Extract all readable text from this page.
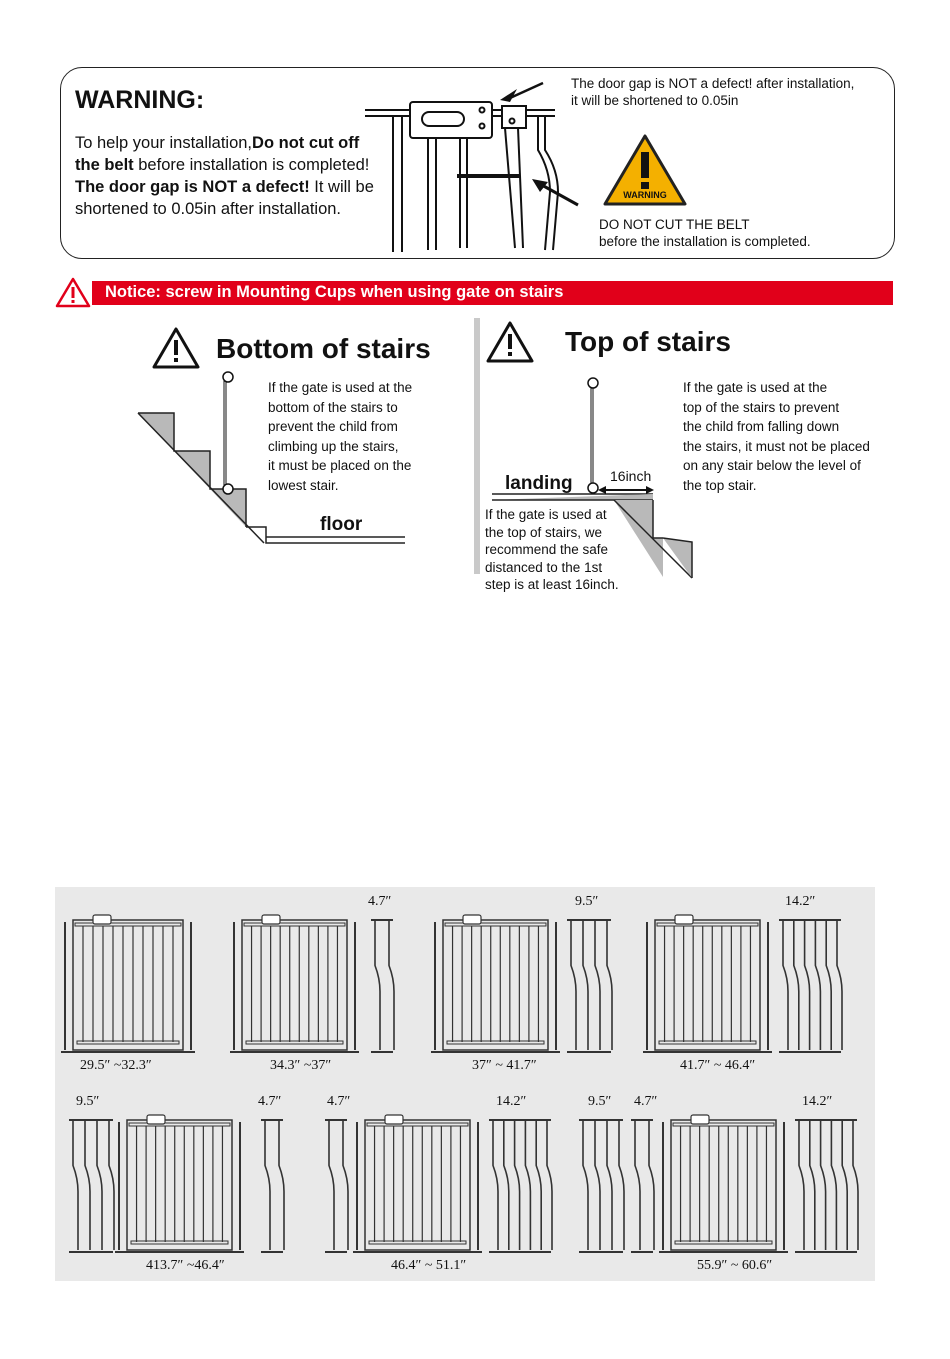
WARNING:
To help your installation,Do not cut off the belt before installation is completed! The door gap is NOT a defect! It will be shortened to 0.05in after installation.
The door gap is NOT a defect! after installation,
it will be shortened to 0.05in
WARNING
DO NOT CUT THE BELT
before the installation is completed.
Notice: screw in Mounting Cups when using gate on stairs
Bottom of stairs
If the gate is used at the
bottom of the stairs to
prevent the child from
climbing up the stairs,
it must be placed on the
lowest stair.
floor
Top of stairs
16inch
landing
If the gate is used at the
top of the stairs to prevent
the child from falling down
the stairs, it must not be placed
on any stair below the level of
the top stair.
If the gate is used at
the top of stairs, we
recommend the safe
distanced to the 1st
step is at least 16inch.
29.5″ ~32.3″
4.7″
34.3″ ~37″
9.5″
37″ ~ 41.7″
14.2″
41.7″ ~ 46.4″
9.5″	4.7″
413.7″ ~46.4″
4.7″	14.2″
46.4″ ~ 51.1″
9.5″ 4.7″	14.2″
55.9″ ~ 60.6″
